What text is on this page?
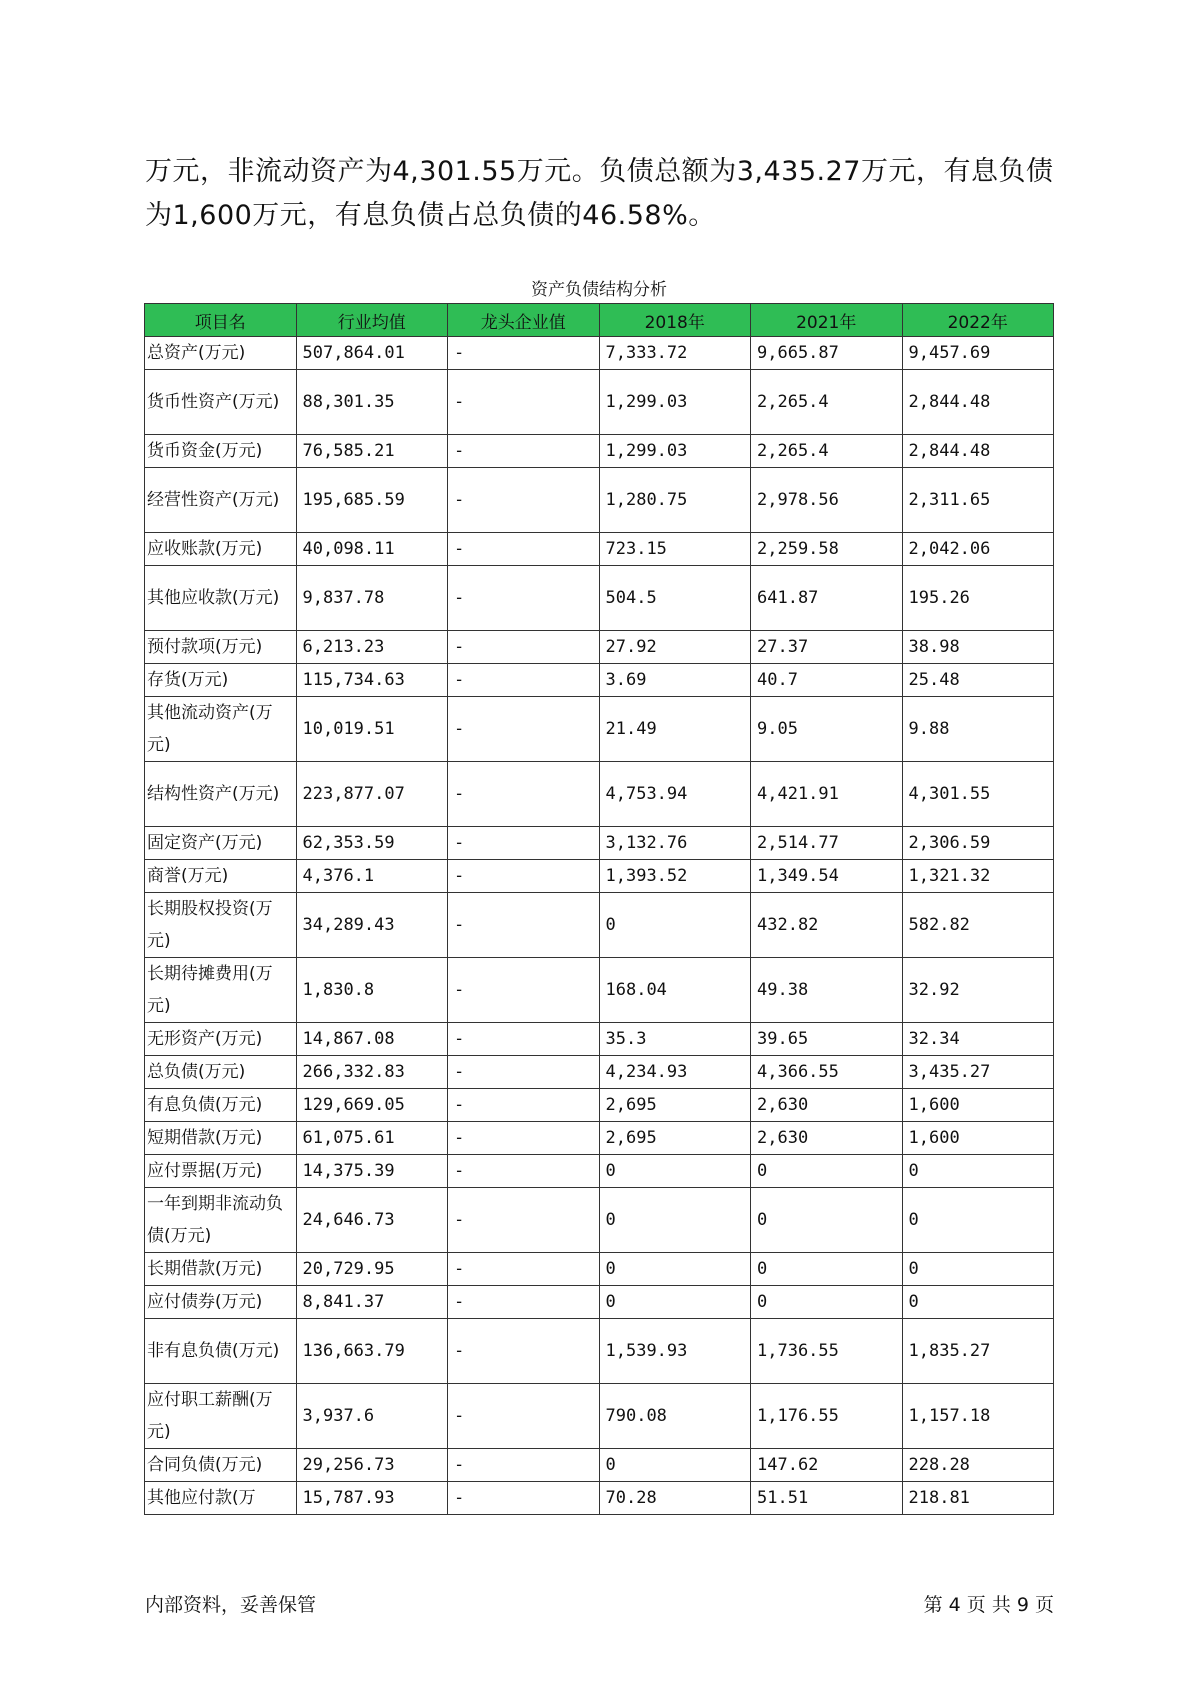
万元，非流动资产为4,301.55万元。负债总额为3,435.27万元，有息负债

为1,600万元，有息负债占总负债的46.58%。

资产负债结构分析
项目名	行业均值	龙头企业值	2018年	2021年	2022年
总资产(万元)	507,864.01	-	7,333.72	9,665.87	9,457.69
货币性资产(万元)	88,301.35	-	1,299.03	2,265.4	2,844.48
货币资金(万元)	76,585.21	-	1,299.03	2,265.4	2,844.48
经营性资产(万元)	195,685.59	-	1,280.75	2,978.56	2,311.65
应收账款(万元)	40,098.11	-	723.15	2,259.58	2,042.06
其他应收款(万元)	9,837.78	-	504.5	641.87	195.26
预付款项(万元)	6,213.23	-	27.92	27.37	38.98
存货(万元)	115,734.63	-	3.69	40.7	25.48
其他流动资产(万元)	10,019.51	-	21.49	9.05	9.88
结构性资产(万元)	223,877.07	-	4,753.94	4,421.91	4,301.55
固定资产(万元)	62,353.59	-	3,132.76	2,514.77	2,306.59
商誉(万元)	4,376.1	-	1,393.52	1,349.54	1,321.32
长期股权投资(万元)	34,289.43	-	0	432.82	582.82
长期待摊费用(万元)	1,830.8	-	168.04	49.38	32.92
无形资产(万元)	14,867.08	-	35.3	39.65	32.34
总负债(万元)	266,332.83	-	4,234.93	4,366.55	3,435.27
有息负债(万元)	129,669.05	-	2,695	2,630	1,600
短期借款(万元)	61,075.61	-	2,695	2,630	1,600
应付票据(万元)	14,375.39	-	0	0	0
一年到期非流动负债(万元)	24,646.73	-	0	0	0
长期借款(万元)	20,729.95	-	0	0	0
应付债券(万元)	8,841.37	-	0	0	0
非有息负债(万元)	136,663.79	-	1,539.93	1,736.55	1,835.27
应付职工薪酬(万元)	3,937.6	-	790.08	1,176.55	1,157.18
合同负债(万元)	29,256.73	-	0	147.62	228.28
其他应付款(万	15,787.93	-	70.28	51.51	218.81
内部资料，妥善保管	第 4 页 共 9 页
